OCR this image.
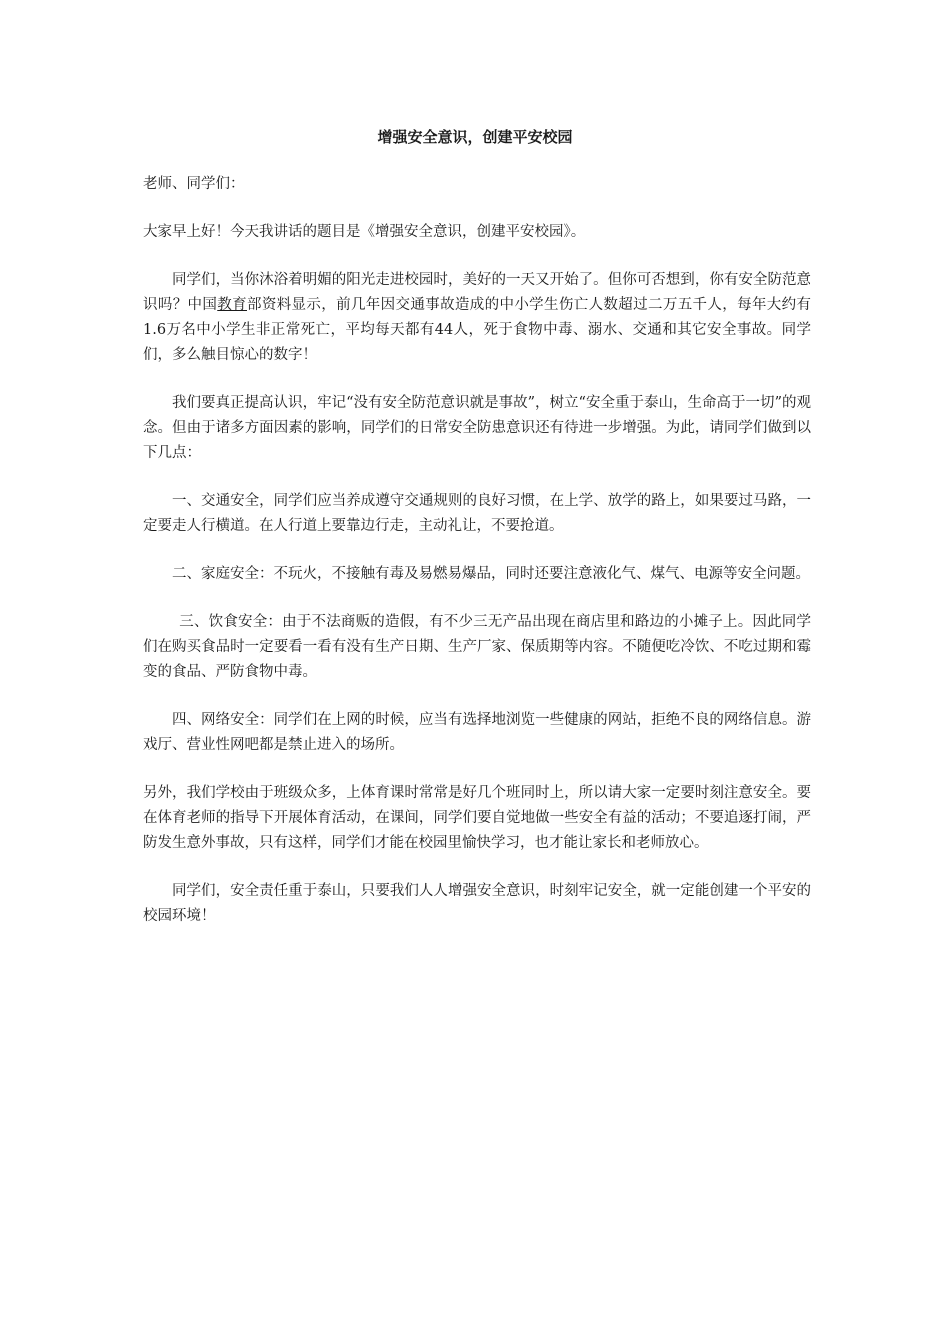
增强安全意识，创建平安校园

老师、同学们：

大家早上好！今天我讲话的题目是《增强安全意识，创建平安校园》。

同学们，当你沐浴着明媚的阳光走进校园时，美好的一天又开始了。但你可否想到，你有安全防范意识吗？中国教育部资料显示，前几年因交通事故造成的中小学生伤亡人数超过二万五千人，每年大约有1.6万名中小学生非正常死亡，平均每天都有44人，死于食物中毒、溺水、交通和其它安全事故。同学们，多么触目惊心的数字！

我们要真正提高认识，牢记“没有安全防范意识就是事故”，树立“安全重于泰山，生命高于一切”的观念。但由于诸多方面因素的影响，同学们的日常安全防患意识还有待进一步增强。为此，请同学们做到以下几点：

一、交通安全，同学们应当养成遵守交通规则的良好习惯，在上学、放学的路上，如果要过马路，一定要走人行横道。在人行道上要靠边行走，主动礼让，不要抢道。

二、家庭安全：不玩火，不接触有毒及易燃易爆品，同时还要注意液化气、煤气、电源等安全问题。

三、饮食安全：由于不法商贩的造假，有不少三无产品出现在商店里和路边的小摊子上。因此同学们在购买食品时一定要看一看有没有生产日期、生产厂家、保质期等内容。不随便吃冷饮、不吃过期和霉变的食品、严防食物中毒。

四、网络安全：同学们在上网的时候，应当有选择地浏览一些健康的网站，拒绝不良的网络信息。游戏厅、营业性网吧都是禁止进入的场所。

另外，我们学校由于班级众多，上体育课时常常是好几个班同时上，所以请大家一定要时刻注意安全。要在体育老师的指导下开展体育活动，在课间，同学们要自觉地做一些安全有益的活动；不要追逐打闹，严防发生意外事故，只有这样，同学们才能在校园里愉快学习，也才能让家长和老师放心。

同学们，安全责任重于泰山，只要我们人人增强安全意识，时刻牢记安全，就一定能创建一个平安的校园环境！
